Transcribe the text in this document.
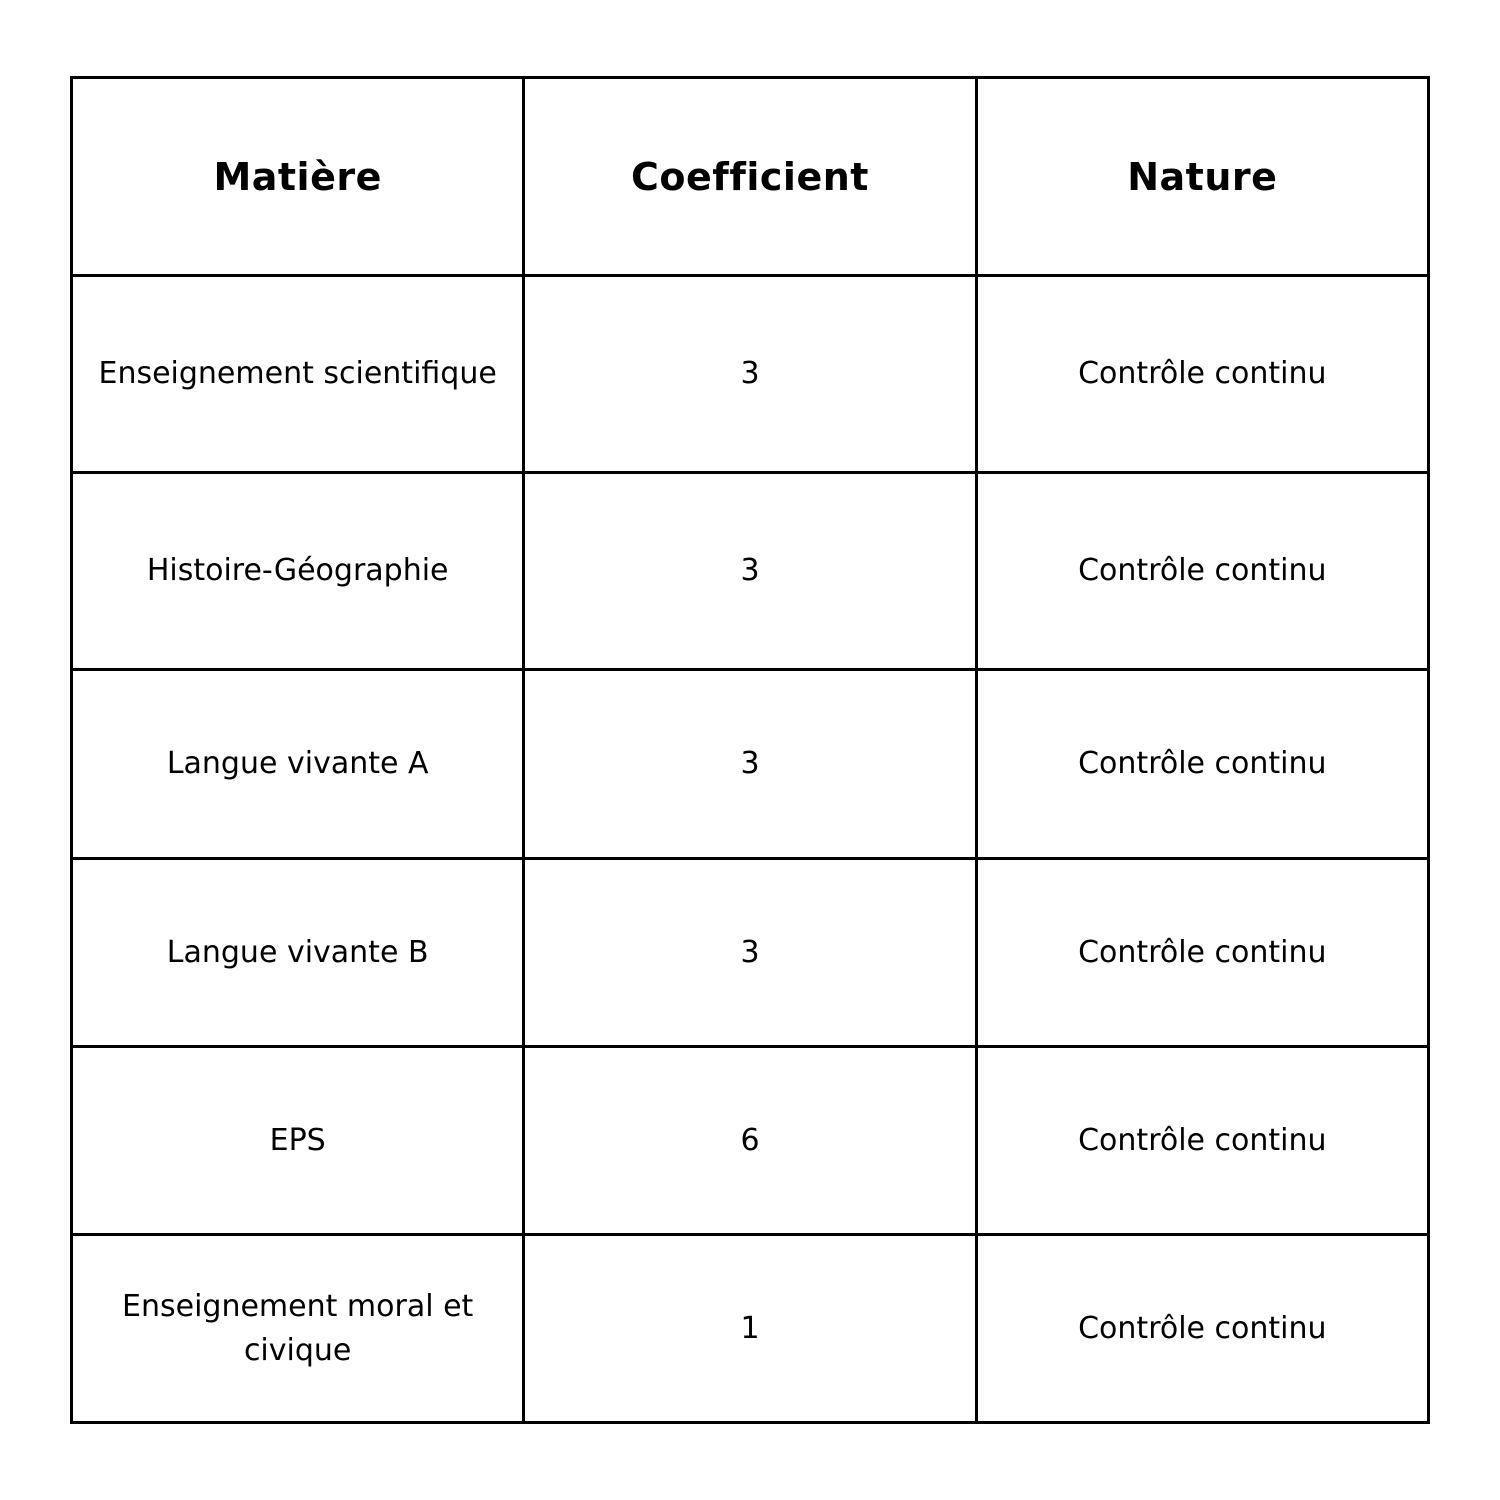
Matière	Coefficient	Nature
Enseignement scientifique	3	Contrôle continu
Histoire-Géographie	3	Contrôle continu
Langue vivante A	3	Contrôle continu
Langue vivante B	3	Contrôle continu
EPS	6	Contrôle continu
Enseignement moral et civique	1	Contrôle continu
